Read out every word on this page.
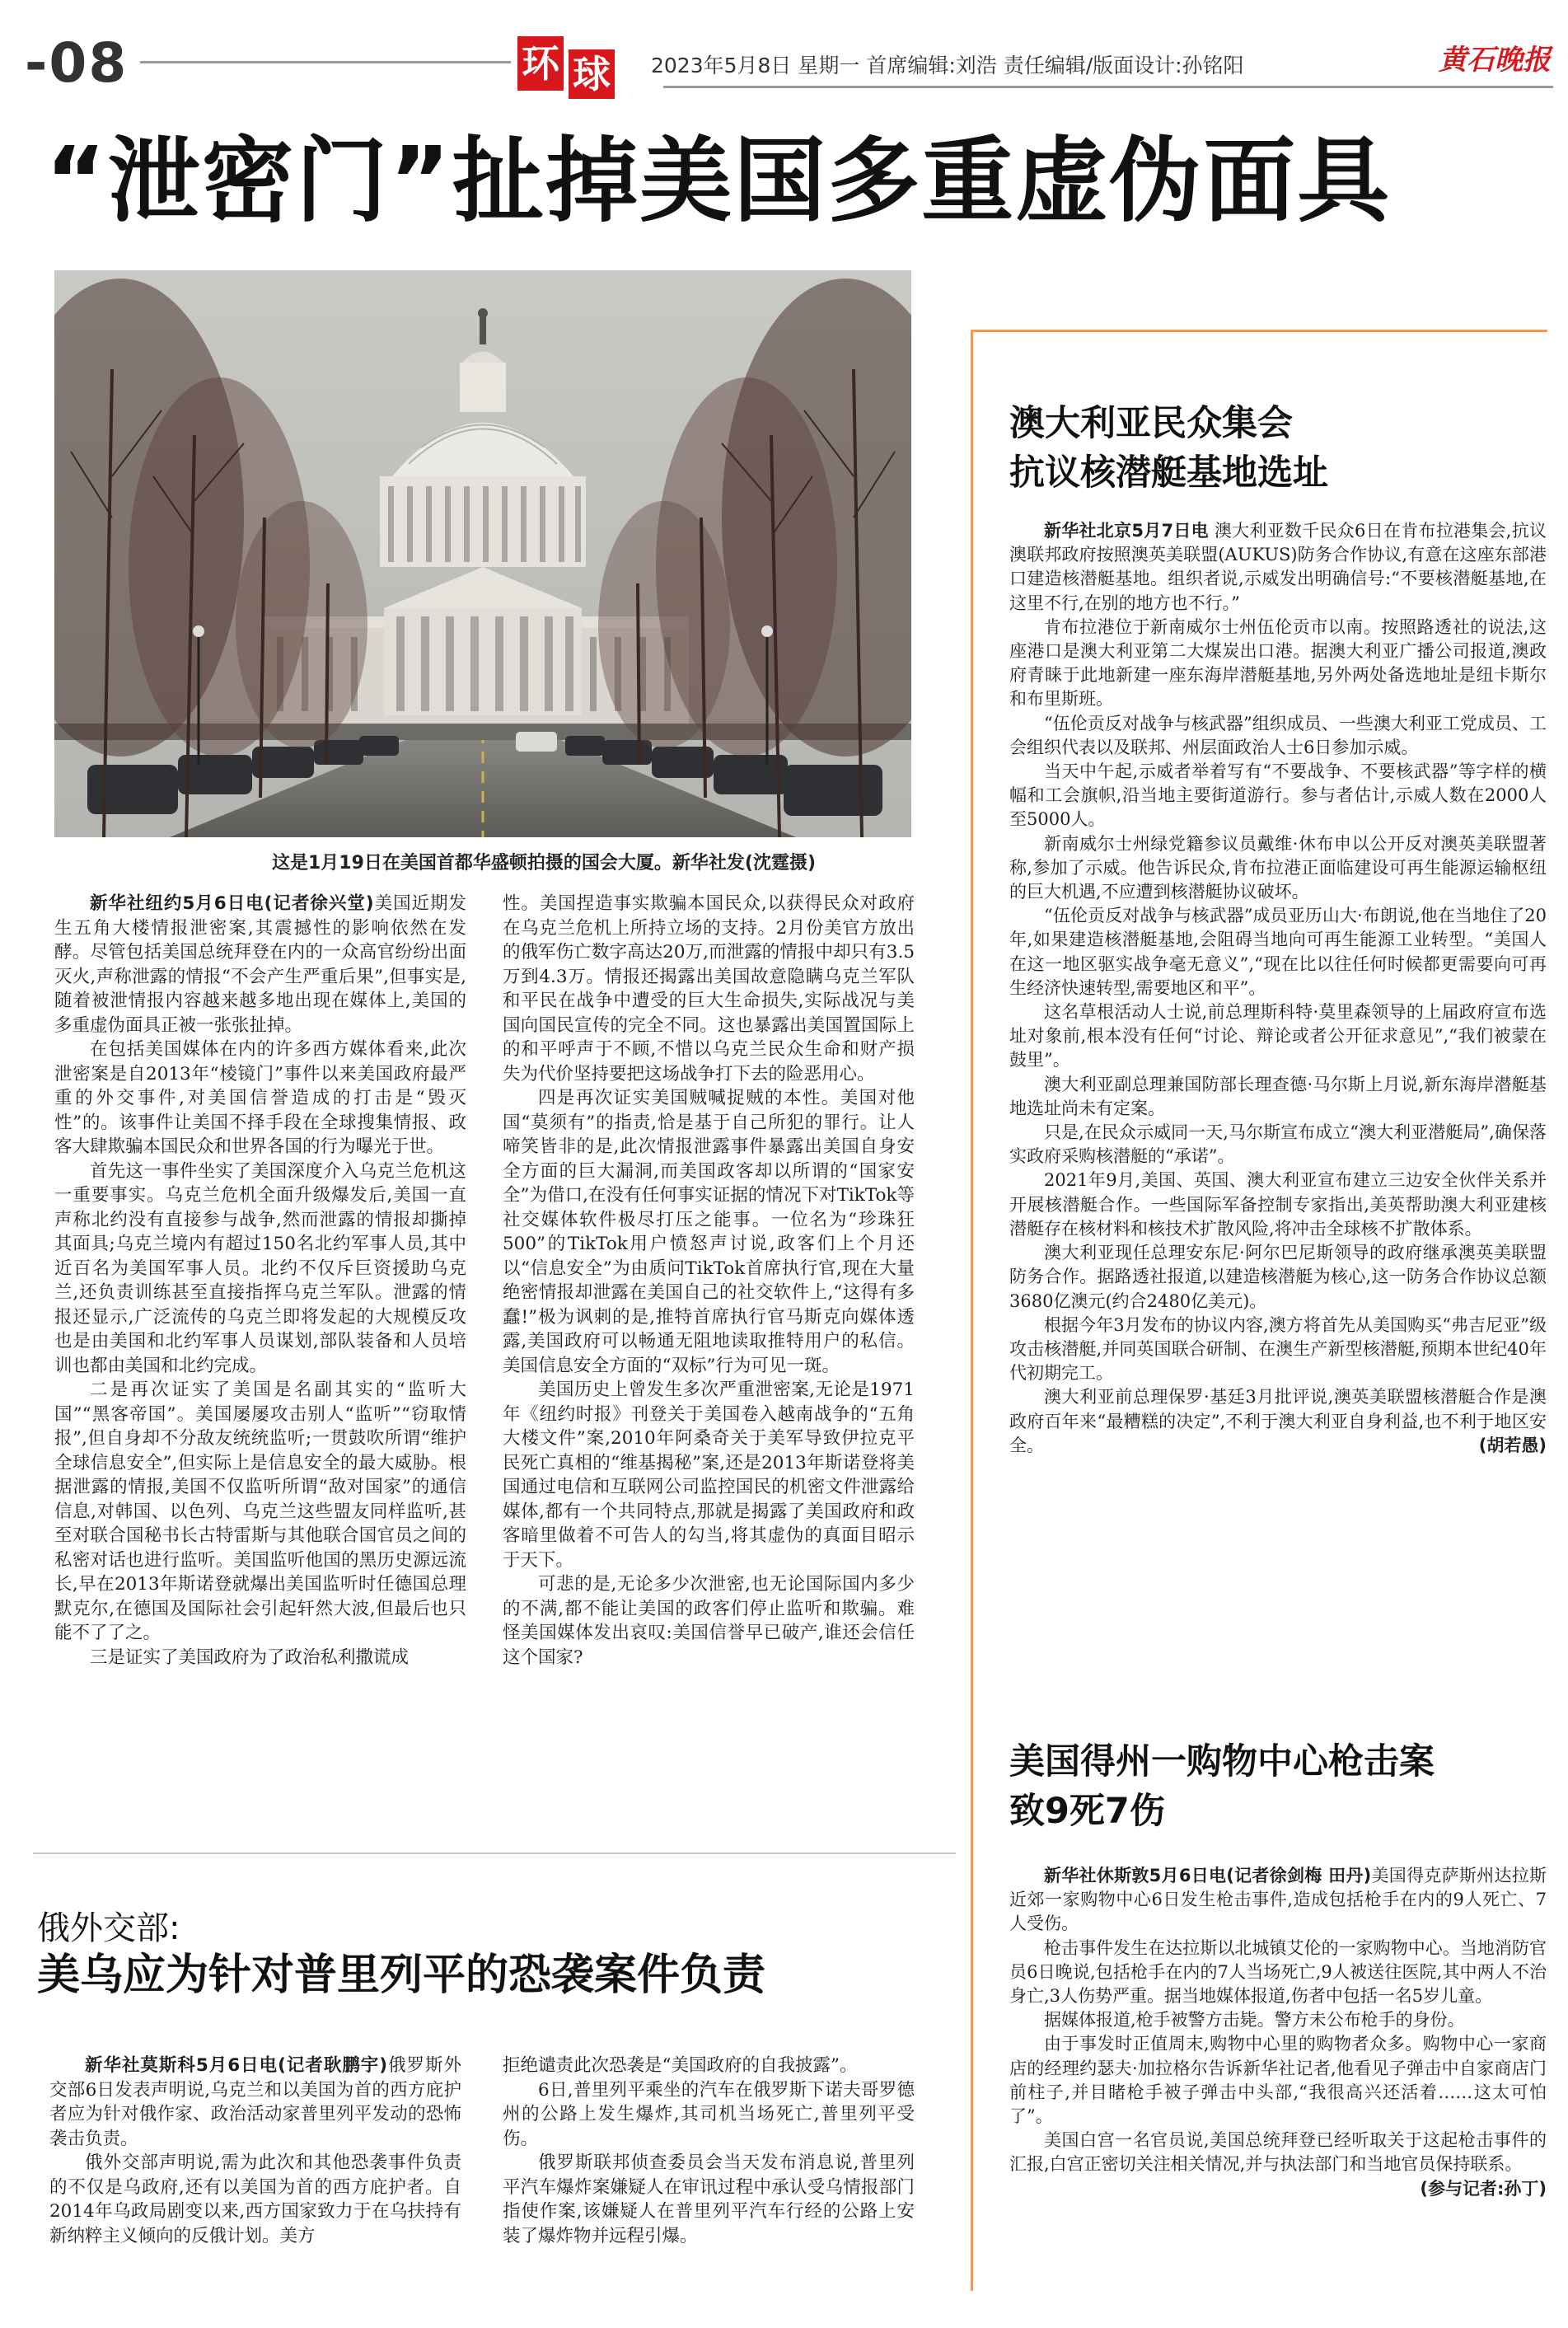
-08	环 球 2023年5月8日 星期一 首席编辑:刘浩 责任编辑/版面设计:孙铭阳	黄石晚报
“泄密门”扯掉美国多重虚伪面具
这是1月19日在美国首都华盛顿拍摄的国会大厦。新华社发(沈霆摄)

新华社纽约5月6日电(记者徐兴堂)美国近期发生五角大楼情报泄密案,其震撼性的影响依然在发酵。尽管包括美国总统拜登在内的一众高官纷纷出面灭火,声称泄露的情报“不会产生严重后果”,但事实是,随着被泄情报内容越来越多地出现在媒体上,美国的多重虚伪面具正被一张张扯掉。

在包括美国媒体在内的许多西方媒体看来,此次泄密案是自2013年“棱镜门”事件以来美国政府最严重的外交事件,对美国信誉造成的打击是“毁灭性”的。该事件让美国不择手段在全球搜集情报、政客大肆欺骗本国民众和世界各国的行为曝光于世。

首先这一事件坐实了美国深度介入乌克兰危机这一重要事实。乌克兰危机全面升级爆发后,美国一直声称北约没有直接参与战争,然而泄露的情报却撕掉其面具;乌克兰境内有超过150名北约军事人员,其中近百名为美国军事人员。北约不仅斥巨资援助乌克兰,还负责训练甚至直接指挥乌克兰军队。泄露的情报还显示,广泛流传的乌克兰即将发起的大规模反攻也是由美国和北约军事人员谋划,部队装备和人员培训也都由美国和北约完成。

二是再次证实了美国是名副其实的“监听大国”“黑客帝国”。美国屡屡攻击别人“监听”“窃取情报”,但自身却不分敌友统统监听;一贯鼓吹所谓“维护全球信息安全”,但实际上是信息安全的最大威胁。根据泄露的情报,美国不仅监听所谓“敌对国家”的通信信息,对韩国、以色列、乌克兰这些盟友同样监听,甚至对联合国秘书长古特雷斯与其他联合国官员之间的私密对话也进行监听。美国监听他国的黑历史源远流长,早在2013年斯诺登就爆出美国监听时任德国总理默克尔,在德国及国际社会引起轩然大波,但最后也只能不了了之。

三是证实了美国政府为了政治私利撒谎成

性。美国捏造事实欺骗本国民众,以获得民众对政府在乌克兰危机上所持立场的支持。2月份美官方放出的俄军伤亡数字高达20万,而泄露的情报中却只有3.5万到4.3万。情报还揭露出美国故意隐瞒乌克兰军队和平民在战争中遭受的巨大生命损失,实际战况与美国向国民宣传的完全不同。这也暴露出美国置国际上的和平呼声于不顾,不惜以乌克兰民众生命和财产损失为代价坚持要把这场战争打下去的险恶用心。

四是再次证实美国贼喊捉贼的本性。美国对他国“莫须有”的指责,恰是基于自己所犯的罪行。让人啼笑皆非的是,此次情报泄露事件暴露出美国自身安全方面的巨大漏洞,而美国政客却以所谓的“国家安全”为借口,在没有任何事实证据的情况下对TikTok等社交媒体软件极尽打压之能事。一位名为“珍珠狂500”的TikTok用户愤怒声讨说,政客们上个月还以“信息安全”为由质问TikTok首席执行官,现在大量绝密情报却泄露在美国自己的社交软件上,“这得有多蠢!”极为讽刺的是,推特首席执行官马斯克向媒体透露,美国政府可以畅通无阻地读取推特用户的私信。美国信息安全方面的“双标”行为可见一斑。

美国历史上曾发生多次严重泄密案,无论是1971年《纽约时报》刊登关于美国卷入越南战争的“五角大楼文件”案,2010年阿桑奇关于美军导致伊拉克平民死亡真相的“维基揭秘”案,还是2013年斯诺登将美国通过电信和互联网公司监控国民的机密文件泄露给媒体,都有一个共同特点,那就是揭露了美国政府和政客暗里做着不可告人的勾当,将其虚伪的真面目昭示于天下。

可悲的是,无论多少次泄密,也无论国际国内多少的不满,都不能让美国的政客们停止监听和欺骗。难怪美国媒体发出哀叹:美国信誉早已破产,谁还会信任这个国家?

澳大利亚民众集会
抗议核潜艇基地选址

新华社北京5月7日电 澳大利亚数千民众6日在肯布拉港集会,抗议澳联邦政府按照澳英美联盟(AUKUS)防务合作协议,有意在这座东部港口建造核潜艇基地。组织者说,示威发出明确信号:“不要核潜艇基地,在这里不行,在别的地方也不行。”

肯布拉港位于新南威尔士州伍伦贡市以南。按照路透社的说法,这座港口是澳大利亚第二大煤炭出口港。据澳大利亚广播公司报道,澳政府青睐于此地新建一座东海岸潜艇基地,另外两处备选地址是纽卡斯尔和布里斯班。

“伍伦贡反对战争与核武器”组织成员、一些澳大利亚工党成员、工会组织代表以及联邦、州层面政治人士6日参加示威。

当天中午起,示威者举着写有“不要战争、不要核武器”等字样的横幅和工会旗帜,沿当地主要街道游行。参与者估计,示威人数在2000人至5000人。

新南威尔士州绿党籍参议员戴维·休布申以公开反对澳英美联盟著称,参加了示威。他告诉民众,肯布拉港正面临建设可再生能源运输枢纽的巨大机遇,不应遭到核潜艇协议破坏。

“伍伦贡反对战争与核武器”成员亚历山大·布朗说,他在当地住了20年,如果建造核潜艇基地,会阻碍当地向可再生能源工业转型。“美国人在这一地区驱实战争毫无意义”,“现在比以往任何时候都更需要向可再生经济快速转型,需要地区和平”。

这名草根活动人士说,前总理斯科特·莫里森领导的上届政府宣布选址对象前,根本没有任何“讨论、辩论或者公开征求意见”,“我们被蒙在鼓里”。

澳大利亚副总理兼国防部长理查德·马尔斯上月说,新东海岸潜艇基地选址尚未有定案。

只是,在民众示威同一天,马尔斯宣布成立“澳大利亚潜艇局”,确保落实政府采购核潜艇的“承诺”。

2021年9月,美国、英国、澳大利亚宣布建立三边安全伙伴关系并开展核潜艇合作。一些国际军备控制专家指出,美英帮助澳大利亚建核潜艇存在核材料和核技术扩散风险,将冲击全球核不扩散体系。

澳大利亚现任总理安东尼·阿尔巴尼斯领导的政府继承澳英美联盟防务合作。据路透社报道,以建造核潜艇为核心,这一防务合作协议总额3680亿澳元(约合2480亿美元)。

根据今年3月发布的协议内容,澳方将首先从美国购买“弗吉尼亚”级攻击核潜艇,并同英国联合研制、在澳生产新型核潜艇,预期本世纪40年代初期完工。

澳大利亚前总理保罗·基廷3月批评说,澳英美联盟核潜艇合作是澳政府百年来“最糟糕的决定”,不利于澳大利亚自身利益,也不利于地区安全。	(胡若愚)

美国得州一购物中心枪击案
致9死7伤

新华社休斯敦5月6日电(记者徐剑梅 田丹)美国得克萨斯州达拉斯近郊一家购物中心6日发生枪击事件,造成包括枪手在内的9人死亡、7人受伤。

枪击事件发生在达拉斯以北城镇艾伦的一家购物中心。当地消防官员6日晚说,包括枪手在内的7人当场死亡,9人被送往医院,其中两人不治身亡,3人伤势严重。据当地媒体报道,伤者中包括一名5岁儿童。

据媒体报道,枪手被警方击毙。警方未公布枪手的身份。

由于事发时正值周末,购物中心里的购物者众多。购物中心一家商店的经理约瑟夫·加拉格尔告诉新华社记者,他看见子弹击中自家商店门前柱子,并目睹枪手被子弹击中头部,“我很高兴还活着……这太可怕了”。

美国白宫一名官员说,美国总统拜登已经听取关于这起枪击事件的汇报,白宫正密切关注相关情况,并与执法部门和当地官员保持联系。
(参与记者:孙丁)

俄外交部:
美乌应为针对普里列平的恐袭案件负责

新华社莫斯科5月6日电(记者耿鹏宇)俄罗斯外交部6日发表声明说,乌克兰和以美国为首的西方庇护者应为针对俄作家、政治活动家普里列平发动的恐怖袭击负责。

俄外交部声明说,需为此次和其他恐袭事件负责的不仅是乌政府,还有以美国为首的西方庇护者。自2014年乌政局剧变以来,西方国家致力于在乌扶持有新纳粹主义倾向的反俄计划。美方

拒绝谴责此次恐袭是“美国政府的自我披露”。

6日,普里列平乘坐的汽车在俄罗斯下诺夫哥罗德州的公路上发生爆炸,其司机当场死亡,普里列平受伤。

俄罗斯联邦侦查委员会当天发布消息说,普里列平汽车爆炸案嫌疑人在审讯过程中承认受乌情报部门指使作案,该嫌疑人在普里列平汽车行经的公路上安装了爆炸物并远程引爆。
